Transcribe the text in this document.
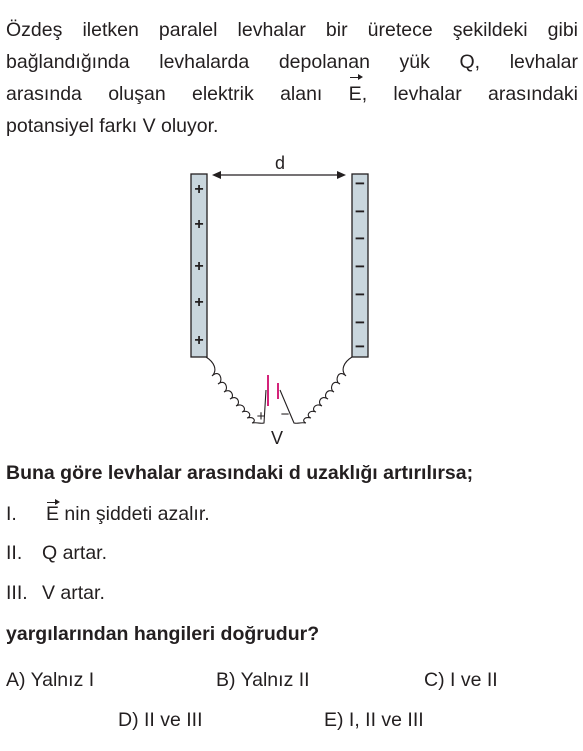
Özdeş iletken paralel levhalar bir üretece şekildeki gibi
bağlandığında levhalarda depolanan yük Q, levhalar
arasında oluşan elektrik alanı E, levhalar arasındaki
potansiyel farkı V oluyor.
d
+
+
+
+
+
−
−
−
−
−
−
−
+ −
V
Buna göre levhalar arasındaki d uzaklığı artırılırsa;
I. E nin şiddeti azalır.
II. Q artar.
III. V artar.
yargılarından hangileri doğrudur?
A) Yalnız I	B) Yalnız II	C) I ve II
D) II ve III	E) I, II ve III
